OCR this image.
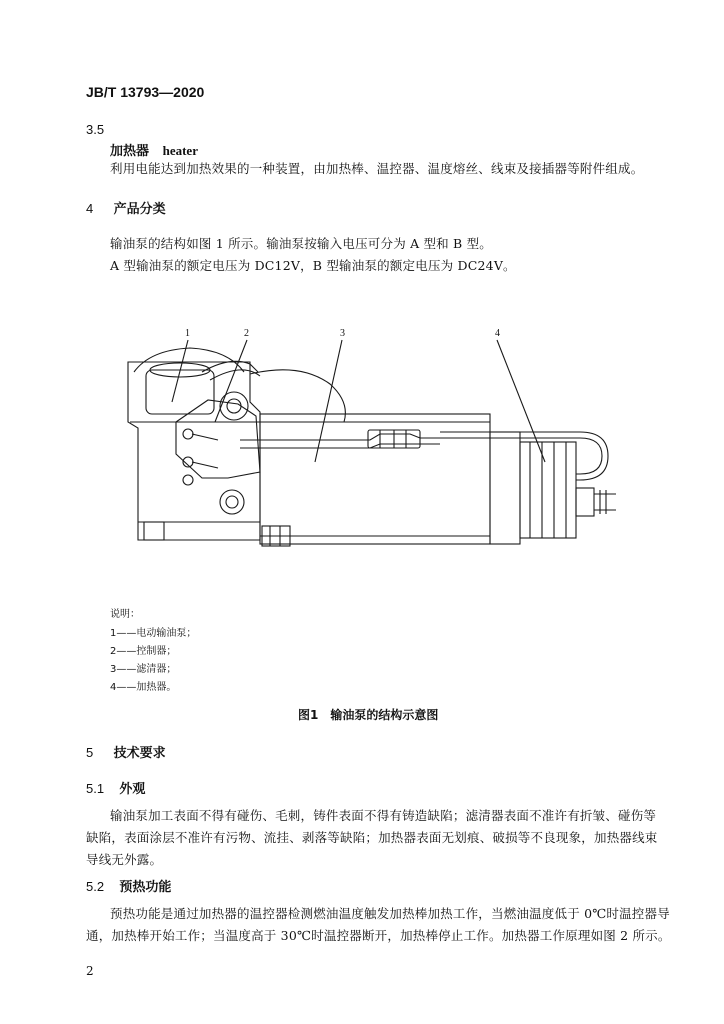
JB/T 13793—2020
3.5
加热器 heater
利用电能达到加热效果的一种装置，由加热棒、温控器、温度熔丝、线束及接插器等附件组成。
4 产品分类
输油泵的结构如图 1 所示。输油泵按输入电压可分为 A 型和 B 型。
A 型输油泵的额定电压为 DC12V，B 型输油泵的额定电压为 DC24V。
1	2	3	4
说明：
1——电动输油泵；
2——控制器；
3——滤清器；
4——加热器。
图1　输油泵的结构示意图
5 技术要求
5.1 外观
输油泵加工表面不得有碰伤、毛刺，铸件表面不得有铸造缺陷；滤清器表面不准许有折皱、碰伤等
缺陷，表面涂层不准许有污物、流挂、剥落等缺陷；加热器表面无划痕、破损等不良现象，加热器线束
导线无外露。
5.2 预热功能
预热功能是通过加热器的温控器检测燃油温度触发加热棒加热工作，当燃油温度低于 0℃时温控器导
通，加热棒开始工作；当温度高于 30℃时温控器断开，加热棒停止工作。加热器工作原理如图 2 所示。
2
